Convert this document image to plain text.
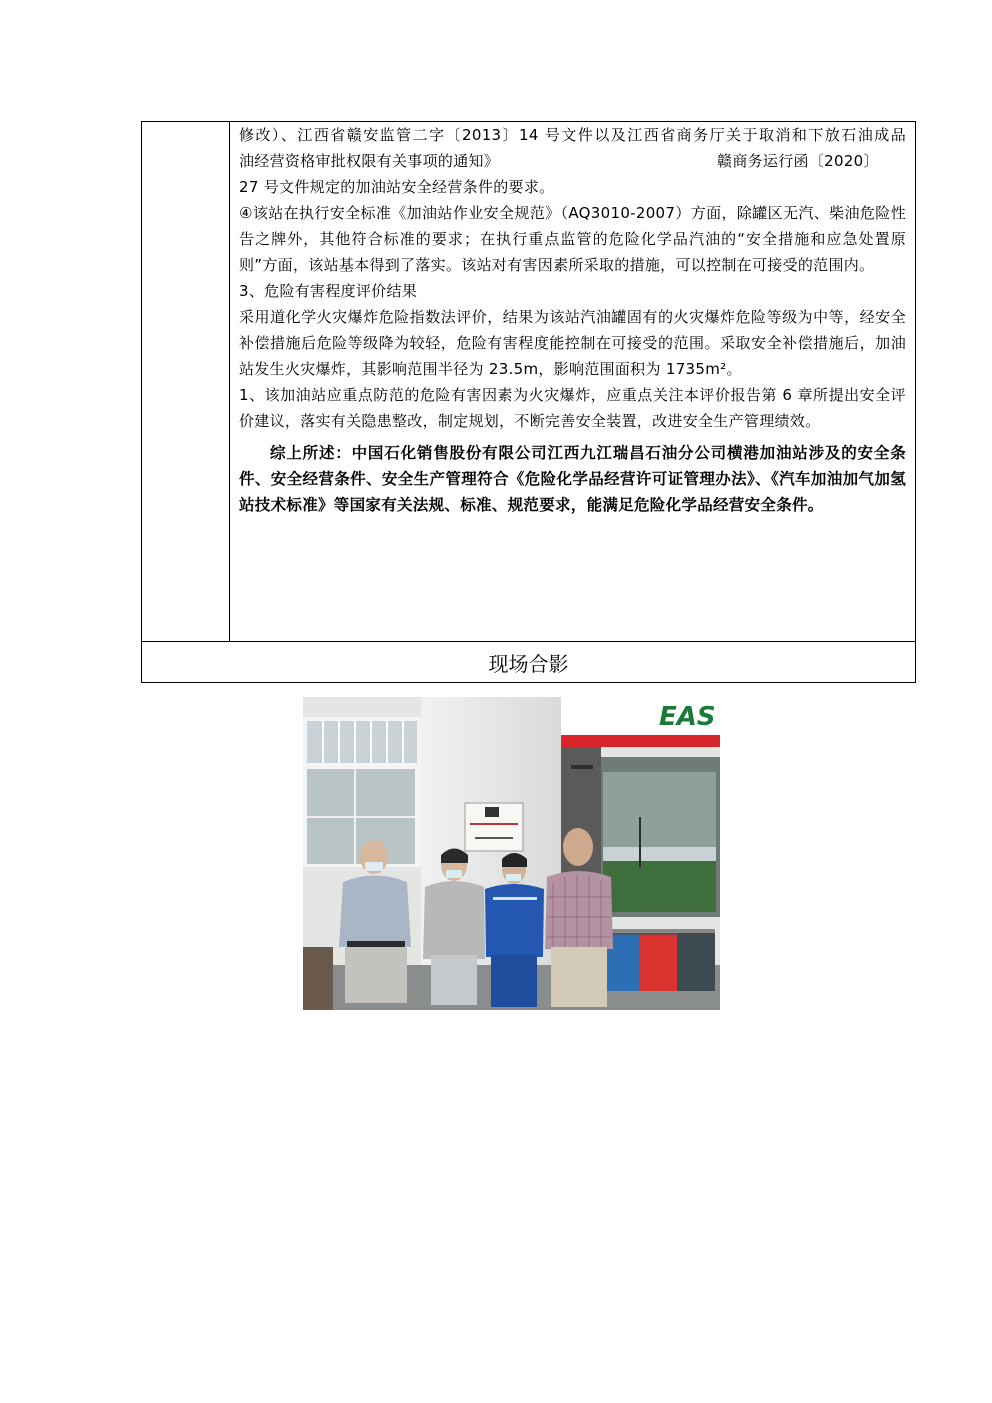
修改）、江西省赣安监管二字〔2013〕14 号文件以及江西省商务厅关于取消和下放石油成品

油经营资格审批权限有关事项的通知》                                           赣商务运行函〔2020〕

27 号文件规定的加油站安全经营条件的要求。

④该站在执行安全标准《加油站作业安全规范》（AQ3010-2007）方面，除罐区无汽、柴油危险性告之牌外，其他符合标准的要求；在执行重点监管的危险化学品汽油的“安全措施和应急处置原则”方面，该站基本得到了落实。该站对有害因素所采取的措施，可以控制在可接受的范围内。

3、危险有害程度评价结果

采用道化学火灾爆炸危险指数法评价，结果为该站汽油罐固有的火灾爆炸危险等级为中等，经安全补偿措施后危险等级降为较轻，危险有害程度能控制在可接受的范围。采取安全补偿措施后，加油站发生火灾爆炸，其影响范围半径为 23.5m，影响范围面积为 1735m²。

1、该加油站应重点防范的危险有害因素为火灾爆炸，应重点关注本评价报告第 6 章所提出安全评价建议，落实有关隐患整改，制定规划，不断完善安全装置，改进安全生产管理绩效。

综上所述：中国石化销售股份有限公司江西九江瑞昌石油分公司横港加油站涉及的安全条件、安全经营条件、安全生产管理符合《危险化学品经营许可证管理办法》、《汽车加油加气加氢站技术标准》等国家有关法规、标准、规范要求，能满足危险化学品经营安全条件。

现场合影
EAS
